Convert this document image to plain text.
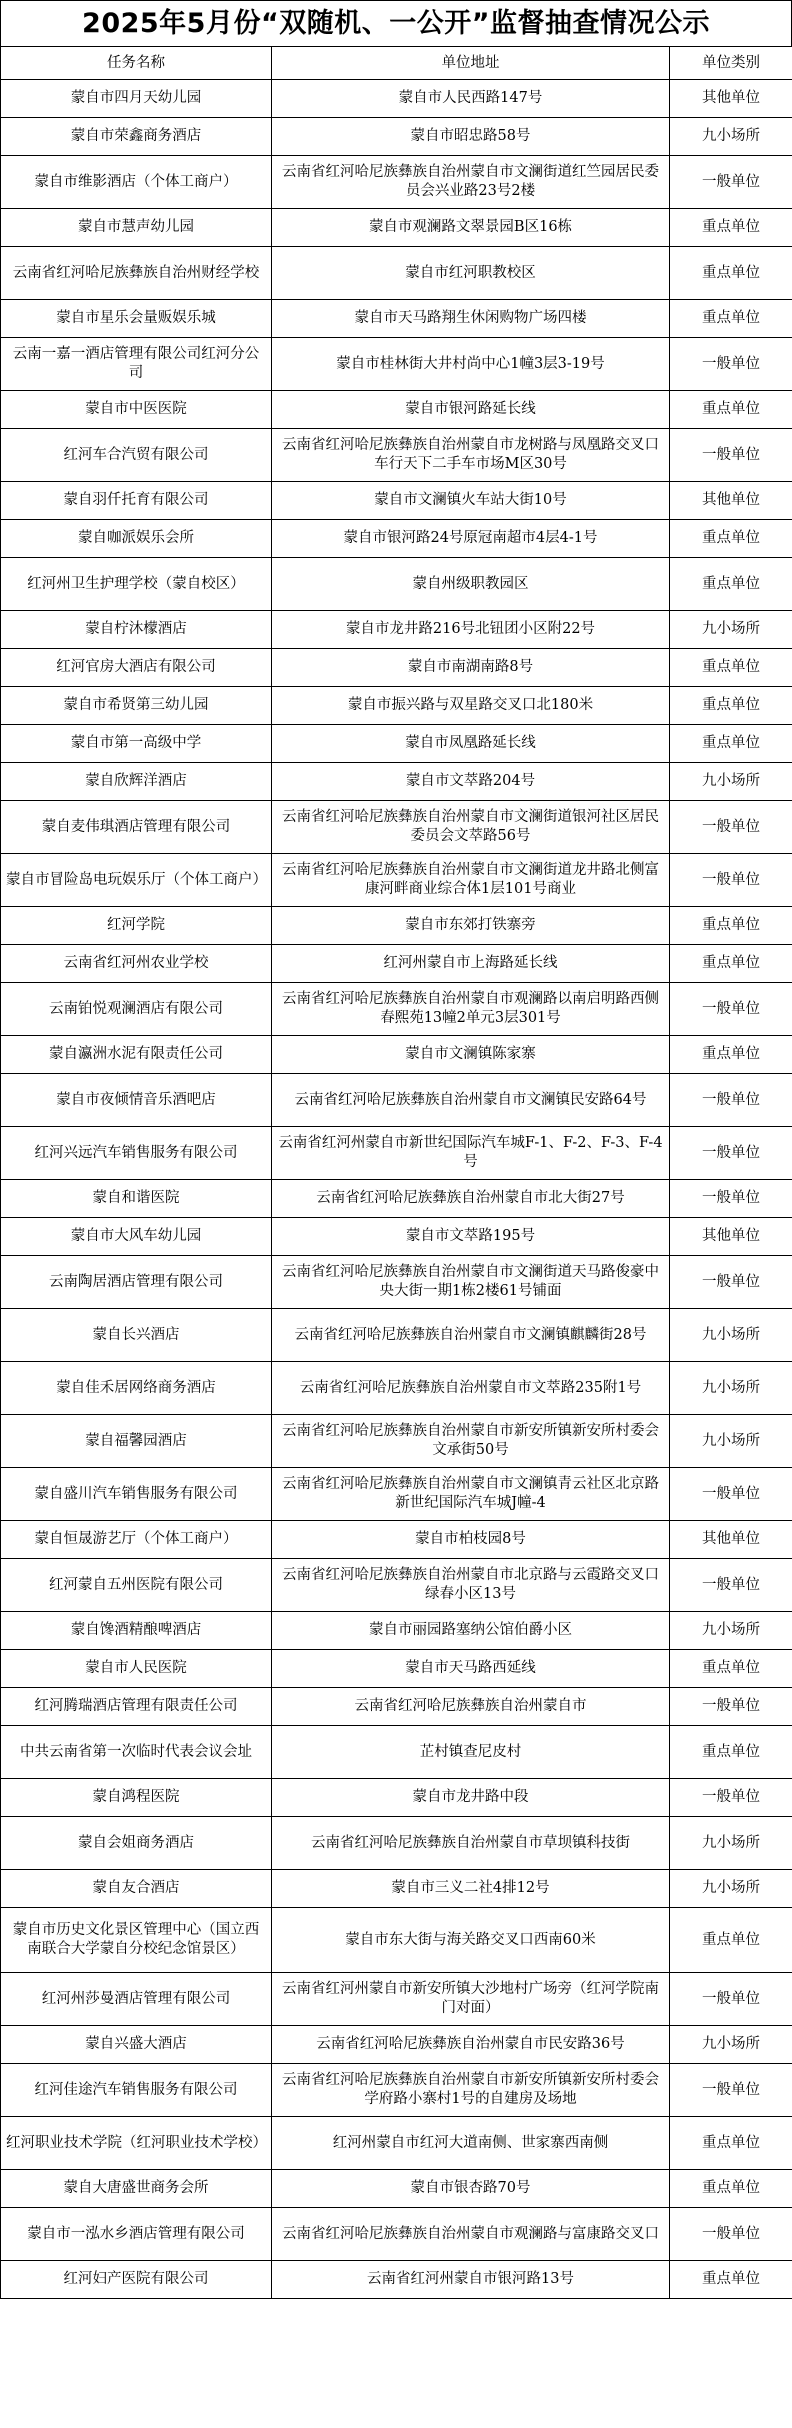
2025年5月份“双随机、一公开”监督抽查情况公示
任务名称	单位地址	单位类别
蒙自市四月天幼儿园	蒙自市人民西路147号	其他单位
蒙自市荣鑫商务酒店	蒙自市昭忠路58号	九小场所
蒙自市维影酒店（个体工商户）	云南省红河哈尼族彝族自治州蒙自市文澜街道红竺园居民委员会兴业路23号2楼	一般单位
蒙自市慧声幼儿园	蒙自市观澜路文翠景园B区16栋	重点单位
云南省红河哈尼族彝族自治州财经学校	蒙自市红河职教校区	重点单位
蒙自市星乐会量贩娱乐城	蒙自市天马路翔生休闲购物广场四楼	重点单位
云南一嘉一酒店管理有限公司红河分公司	蒙自市桂林街大井村尚中心1幢3层3-19号	一般单位
蒙自市中医医院	蒙自市银河路延长线	重点单位
红河车合汽贸有限公司	云南省红河哈尼族彝族自治州蒙自市龙树路与凤凰路交叉口车行天下二手车市场M区30号	一般单位
蒙自羽仟托育有限公司	蒙自市文澜镇火车站大街10号	其他单位
蒙自咖派娱乐会所	蒙自市银河路24号原冠南超市4层4-1号	重点单位
红河州卫生护理学校（蒙自校区）	蒙自州级职教园区	重点单位
蒙自柠沐檬酒店	蒙自市龙井路216号北钮团小区附22号	九小场所
红河官房大酒店有限公司	蒙自市南湖南路8号	重点单位
蒙自市希贤第三幼儿园	蒙自市振兴路与双星路交叉口北180米	重点单位
蒙自市第一高级中学	蒙自市凤凰路延长线	重点单位
蒙自欣辉洋酒店	蒙自市文萃路204号	九小场所
蒙自麦伟琪酒店管理有限公司	云南省红河哈尼族彝族自治州蒙自市文澜街道银河社区居民委员会文萃路56号	一般单位
蒙自市冒险岛电玩娱乐厅（个体工商户）	云南省红河哈尼族彝族自治州蒙自市文澜街道龙井路北侧富康河畔商业综合体1层101号商业	一般单位
红河学院	蒙自市东郊打铁寨旁	重点单位
云南省红河州农业学校	红河州蒙自市上海路延长线	重点单位
云南铂悦观澜酒店有限公司	云南省红河哈尼族彝族自治州蒙自市观澜路以南启明路西侧春熙苑13幢2单元3层301号	一般单位
蒙自瀛洲水泥有限责任公司	蒙自市文澜镇陈家寨	重点单位
蒙自市夜倾情音乐酒吧店	云南省红河哈尼族彝族自治州蒙自市文澜镇民安路64号	一般单位
红河兴远汽车销售服务有限公司	云南省红河州蒙自市新世纪国际汽车城F-1、F-2、F-3、F-4号	一般单位
蒙自和谐医院	云南省红河哈尼族彝族自治州蒙自市北大街27号	一般单位
蒙自市大风车幼儿园	蒙自市文萃路195号	其他单位
云南陶居酒店管理有限公司	云南省红河哈尼族彝族自治州蒙自市文澜街道天马路俊豪中央大街一期1栋2楼61号铺面	一般单位
蒙自长兴酒店	云南省红河哈尼族彝族自治州蒙自市文澜镇麒麟街28号	九小场所
蒙自佳禾居网络商务酒店	云南省红河哈尼族彝族自治州蒙自市文萃路235附1号	九小场所
蒙自福馨园酒店	云南省红河哈尼族彝族自治州蒙自市新安所镇新安所村委会文承街50号	九小场所
蒙自盛川汽车销售服务有限公司	云南省红河哈尼族彝族自治州蒙自市文澜镇青云社区北京路新世纪国际汽车城J幢-4	一般单位
蒙自恒晟游艺厅（个体工商户）	蒙自市柏枝园8号	其他单位
红河蒙自五州医院有限公司	云南省红河哈尼族彝族自治州蒙自市北京路与云霞路交叉口绿春小区13号	一般单位
蒙自馋酒精酿啤酒店	蒙自市丽园路塞纳公馆伯爵小区	九小场所
蒙自市人民医院	蒙自市天马路西延线	重点单位
红河腾瑞酒店管理有限责任公司	云南省红河哈尼族彝族自治州蒙自市	一般单位
中共云南省第一次临时代表会议会址	芷村镇查尼皮村	重点单位
蒙自鸿程医院	蒙自市龙井路中段	一般单位
蒙自会姐商务酒店	云南省红河哈尼族彝族自治州蒙自市草坝镇科技街	九小场所
蒙自友合酒店	蒙自市三义二社4排12号	九小场所
蒙自市历史文化景区管理中心（国立西南联合大学蒙自分校纪念馆景区）	蒙自市东大街与海关路交叉口西南60米	重点单位
红河州莎曼酒店管理有限公司	云南省红河州蒙自市新安所镇大沙地村广场旁（红河学院南门对面）	一般单位
蒙自兴盛大酒店	云南省红河哈尼族彝族自治州蒙自市民安路36号	九小场所
红河佳途汽车销售服务有限公司	云南省红河哈尼族彝族自治州蒙自市新安所镇新安所村委会学府路小寨村1号的自建房及场地	一般单位
红河职业技术学院（红河职业技术学校）	红河州蒙自市红河大道南侧、世家寨西南侧	重点单位
蒙自大唐盛世商务会所	蒙自市银杏路70号	重点单位
蒙自市一泓水乡酒店管理有限公司	云南省红河哈尼族彝族自治州蒙自市观澜路与富康路交叉口	一般单位
红河妇产医院有限公司	云南省红河州蒙自市银河路13号	重点单位
